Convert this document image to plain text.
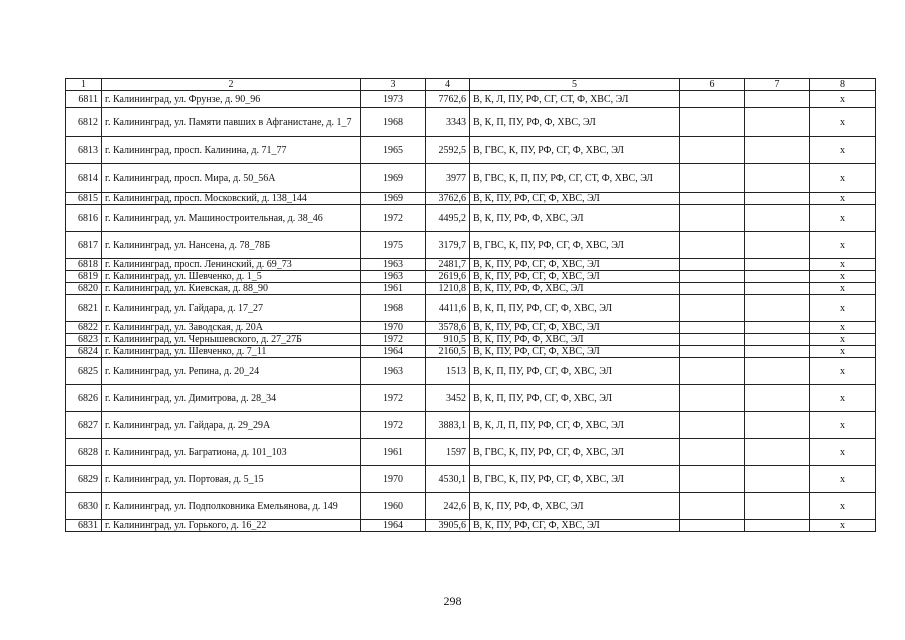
1	2	3	4	5	6	7	8
6811	г. Калининград, ул. Фрунзе, д. 90_96	1973	7762,6	В, К, Л, ПУ, РФ, СГ, СТ, Ф, ХВС, ЭЛ			x
6812	г. Калининград, ул. Памяти павших в Афганистане, д. 1_7	1968	3343	В, К, П, ПУ, РФ, Ф, ХВС, ЭЛ			x
6813	г. Калининград, просп. Калинина, д. 71_77	1965	2592,5	В, ГВС, К, ПУ, РФ, СГ, Ф, ХВС, ЭЛ			x
6814	г. Калининград, просп. Мира, д. 50_56А	1969	3977	В, ГВС, К, П, ПУ, РФ, СГ, СТ, Ф, ХВС, ЭЛ			x
6815	г. Калининград, просп. Московский, д. 138_144	1969	3762,6	В, К, ПУ, РФ, СГ, Ф, ХВС, ЭЛ			x
6816	г. Калининград, ул. Машиностроительная, д. 38_46	1972	4495,2	В, К, ПУ, РФ, Ф, ХВС, ЭЛ			x
6817	г. Калининград, ул. Нансена, д. 78_78Б	1975	3179,7	В, ГВС, К, ПУ, РФ, СГ, Ф, ХВС, ЭЛ			x
6818	г. Калининград, просп. Ленинский, д. 69_73	1963	2481,7	В, К, ПУ, РФ, СГ, Ф, ХВС, ЭЛ			x
6819	г. Калининград, ул. Шевченко, д. 1_5	1963	2619,6	В, К, ПУ, РФ, СГ, Ф, ХВС, ЭЛ			x
6820	г. Калининград, ул. Киевская, д. 88_90	1961	1210,8	В, К, ПУ, РФ, Ф, ХВС, ЭЛ			x
6821	г. Калининград, ул. Гайдара, д. 17_27	1968	4411,6	В, К, П, ПУ, РФ, СГ, Ф, ХВС, ЭЛ			x
6822	г. Калининград, ул. Заводская, д. 20А	1970	3578,6	В, К, ПУ, РФ, СГ, Ф, ХВС, ЭЛ			x
6823	г. Калининград, ул. Чернышевского, д. 27_27Б	1972	910,5	В, К, ПУ, РФ, Ф, ХВС, ЭЛ			x
6824	г. Калининград, ул. Шевченко, д. 7_11	1964	2160,5	В, К, ПУ, РФ, СГ, Ф, ХВС, ЭЛ			x
6825	г. Калининград, ул. Репина, д. 20_24	1963	1513	В, К, П, ПУ, РФ, СГ, Ф, ХВС, ЭЛ			x
6826	г. Калининград, ул. Димитрова, д. 28_34	1972	3452	В, К, П, ПУ, РФ, СГ, Ф, ХВС, ЭЛ			x
6827	г. Калининград, ул. Гайдара, д. 29_29А	1972	3883,1	В, К, Л, П, ПУ, РФ, СГ, Ф, ХВС, ЭЛ			x
6828	г. Калининград, ул. Багратиона, д. 101_103	1961	1597	В, ГВС, К, ПУ, РФ, СГ, Ф, ХВС, ЭЛ			x
6829	г. Калининград, ул. Портовая, д. 5_15	1970	4530,1	В, ГВС, К, ПУ, РФ, СГ, Ф, ХВС, ЭЛ			x
6830	г. Калининград, ул. Подполковника Емельянова, д. 149	1960	242,6	В, К, ПУ, РФ, Ф, ХВС, ЭЛ			x
6831	г. Калининград, ул. Горького, д. 16_22	1964	3905,6	В, К, ПУ, РФ, СГ, Ф, ХВС, ЭЛ			x
298
